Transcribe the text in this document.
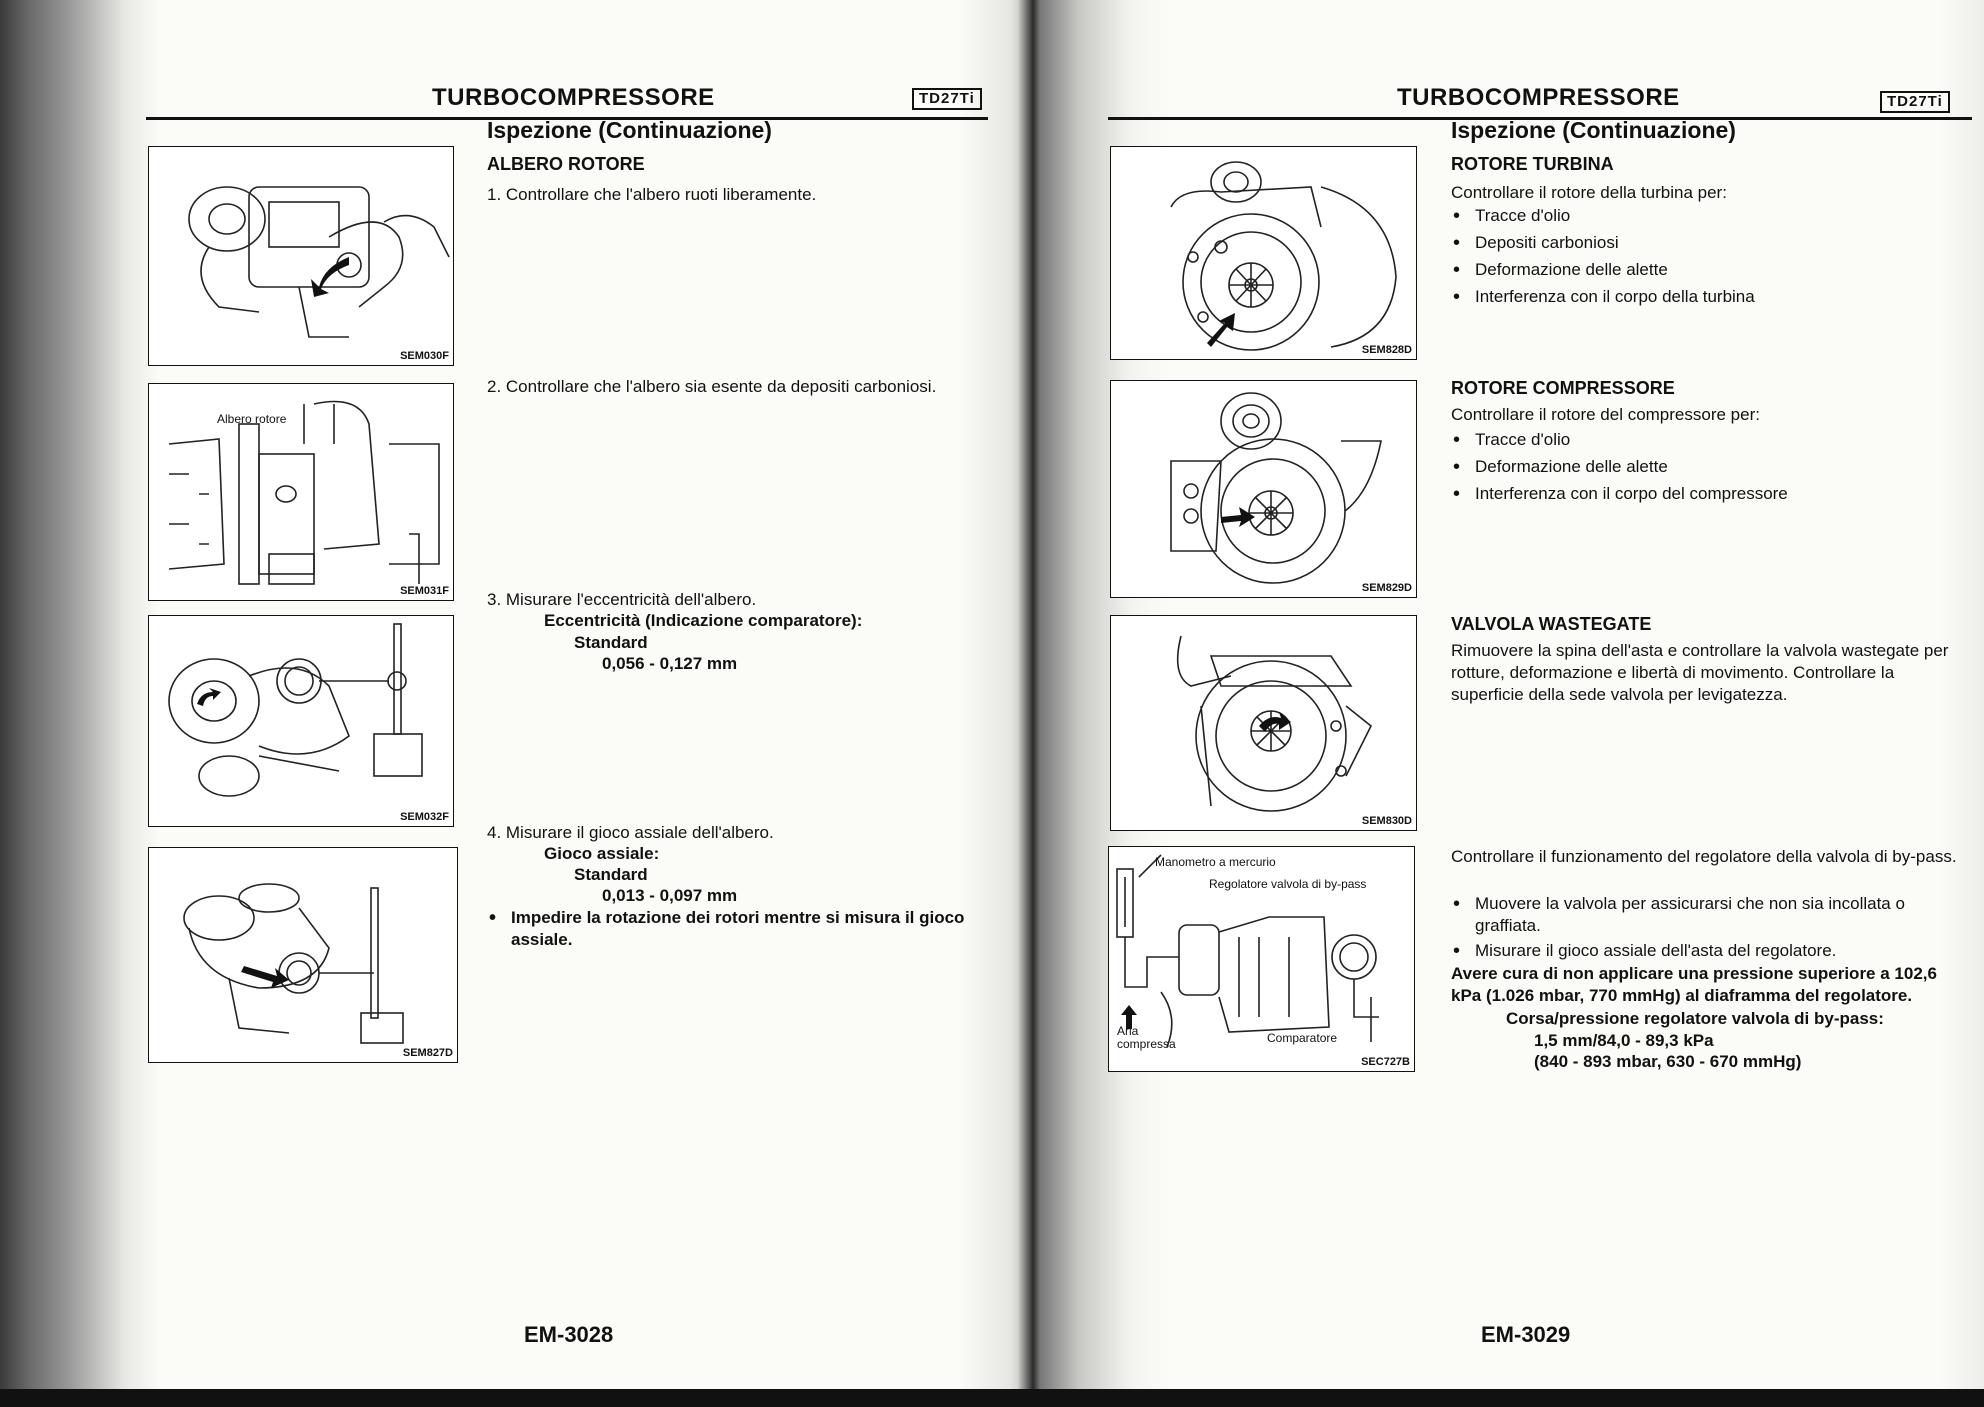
TURBOCOMPRESSORE	TD27Ti
Ispezione (Continuazione)
ALBERO ROTORE
SEM030F
1. Controllare che l'albero ruoti liberamente.
Albero rotore
SEM031F
2. Controllare che l'albero sia esente da depositi carboniosi.
SEM032F
3. Misurare l'eccentricità dell'albero.
Eccentricità (Indicazione comparatore):
Standard
0,056 - 0,127 mm
SEM827D
4. Misurare il gioco assiale dell'albero.
Gioco assiale:
Standard
0,013 - 0,097 mm
• Impedire la rotazione dei rotori mentre si misura il gioco assiale.
EM-3028
TURBOCOMPRESSORE	TD27Ti
Ispezione (Continuazione)
SEM828D
ROTORE TURBINA
Controllare il rotore della turbina per:
• Tracce d'olio
• Depositi carboniosi
• Deformazione delle alette
• Interferenza con il corpo della turbina
SEM829D
ROTORE COMPRESSORE
Controllare il rotore del compressore per:
• Tracce d'olio
• Deformazione delle alette
• Interferenza con il corpo del compressore
SEM830D
VALVOLA WASTEGATE
Rimuovere la spina dell'asta e controllare la valvola wastegate per rotture, deformazione e libertà di movimento. Controllare la superficie della sede valvola per levigatezza.
Manometro a mercurio
Regolatore valvola di by-pass
Aria compressa	Comparatore
SEC727B
Controllare il funzionamento del regolatore della valvola di by-pass.
• Muovere la valvola per assicurarsi che non sia incollata o graffiata.
• Misurare il gioco assiale dell'asta del regolatore.
Avere cura di non applicare una pressione superiore a 102,6 kPa (1.026 mbar, 770 mmHg) al diaframma del regolatore.
Corsa/pressione regolatore valvola di by-pass:
1,5 mm/84,0 - 89,3 kPa
(840 - 893 mbar, 630 - 670 mmHg)
EM-3029
